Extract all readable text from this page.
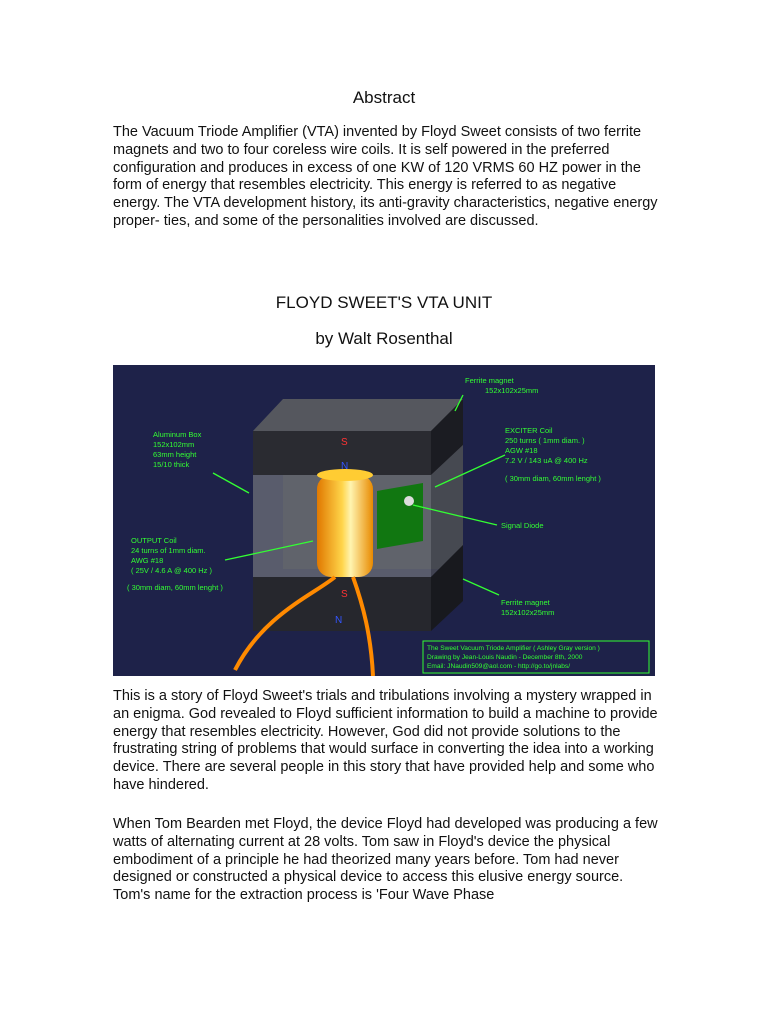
Abstract

The Vacuum Triode Amplifier (VTA) invented by Floyd Sweet consists of two ferrite magnets and two to four coreless wire coils. It is self powered in the preferred configuration and produces in excess of one KW of 120 VRMS 60 HZ power in the form of energy that resembles electricity. This energy is referred to as negative energy. The VTA development history, its anti-gravity characteristics, negative energy proper- ties, and some of the personalities involved are discussed.

FLOYD SWEET'S VTA UNIT
by Walt Rosenthal
S
N
S
N
Ferrite magnet
152x102x25mm
Aluminum Box
152x102mm
63mm height
15/10 thick
EXCITER Coil
250 turns ( 1mm diam. )
AGW #18
7.2 V / 143 uA @ 400 Hz
( 30mm diam, 60mm lenght )
Signal Diode
OUTPUT Coil
24 turns of 1mm diam.
AWG #18
( 25V / 4.6 A @ 400 Hz )
( 30mm diam, 60mm lenght )
Ferrite magnet
152x102x25mm
The Sweet Vacuum Triode Amplifier ( Ashley Gray version )
Drawing by Jean-Louis Naudin - December 8th, 2000
Email: JNaudin509@aol.com - http://go.to/jnlabs/

This is a story of Floyd Sweet's trials and tribulations involving a mystery wrapped in an enigma. God revealed to Floyd sufficient information to build a machine to provide energy that resembles electricity. However, God did not provide solutions to the frustrating string of problems that would surface in converting the idea into a working device. There are several people in this story that have provided help and some who have hindered.

When Tom Bearden met Floyd, the device Floyd had developed was producing a few watts of alternating current at 28 volts. Tom saw in Floyd's device the physical embodiment of a principle he had theorized many years before. Tom had never designed or constructed a physical device to access this elusive energy source. Tom's name for the extraction process is 'Four Wave Phase
